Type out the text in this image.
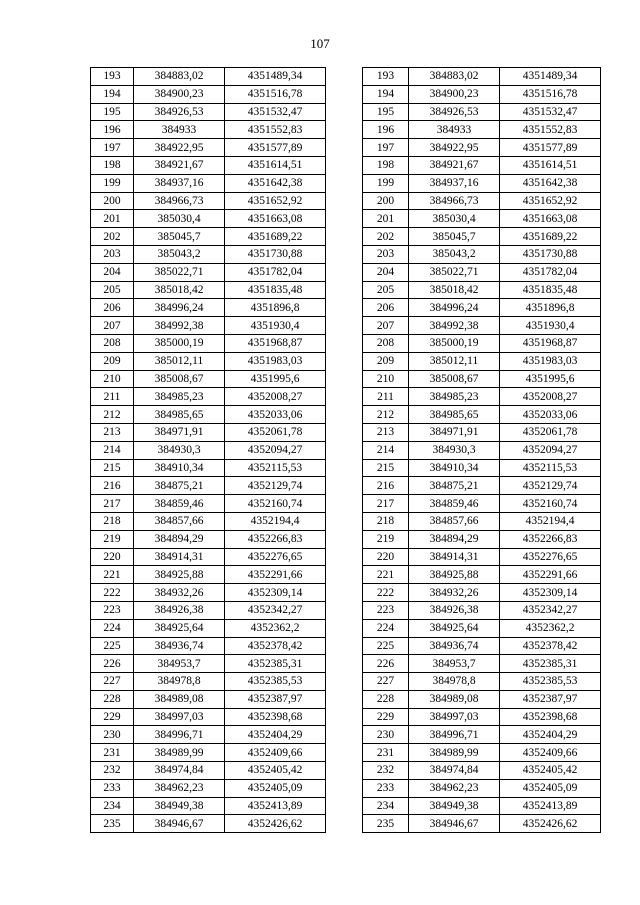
107
193	384883,02	4351489,34
194	384900,23	4351516,78
195	384926,53	4351532,47
196	384933	4351552,83
197	384922,95	4351577,89
198	384921,67	4351614,51
199	384937,16	4351642,38
200	384966,73	4351652,92
201	385030,4	4351663,08
202	385045,7	4351689,22
203	385043,2	4351730,88
204	385022,71	4351782,04
205	385018,42	4351835,48
206	384996,24	4351896,8
207	384992,38	4351930,4
208	385000,19	4351968,87
209	385012,11	4351983,03
210	385008,67	4351995,6
211	384985,23	4352008,27
212	384985,65	4352033,06
213	384971,91	4352061,78
214	384930,3	4352094,27
215	384910,34	4352115,53
216	384875,21	4352129,74
217	384859,46	4352160,74
218	384857,66	4352194,4
219	384894,29	4352266,83
220	384914,31	4352276,65
221	384925,88	4352291,66
222	384932,26	4352309,14
223	384926,38	4352342,27
224	384925,64	4352362,2
225	384936,74	4352378,42
226	384953,7	4352385,31
227	384978,8	4352385,53
228	384989,08	4352387,97
229	384997,03	4352398,68
230	384996,71	4352404,29
231	384989,99	4352409,66
232	384974,84	4352405,42
233	384962,23	4352405,09
234	384949,38	4352413,89
235	384946,67	4352426,62
193	384883,02	4351489,34
194	384900,23	4351516,78
195	384926,53	4351532,47
196	384933	4351552,83
197	384922,95	4351577,89
198	384921,67	4351614,51
199	384937,16	4351642,38
200	384966,73	4351652,92
201	385030,4	4351663,08
202	385045,7	4351689,22
203	385043,2	4351730,88
204	385022,71	4351782,04
205	385018,42	4351835,48
206	384996,24	4351896,8
207	384992,38	4351930,4
208	385000,19	4351968,87
209	385012,11	4351983,03
210	385008,67	4351995,6
211	384985,23	4352008,27
212	384985,65	4352033,06
213	384971,91	4352061,78
214	384930,3	4352094,27
215	384910,34	4352115,53
216	384875,21	4352129,74
217	384859,46	4352160,74
218	384857,66	4352194,4
219	384894,29	4352266,83
220	384914,31	4352276,65
221	384925,88	4352291,66
222	384932,26	4352309,14
223	384926,38	4352342,27
224	384925,64	4352362,2
225	384936,74	4352378,42
226	384953,7	4352385,31
227	384978,8	4352385,53
228	384989,08	4352387,97
229	384997,03	4352398,68
230	384996,71	4352404,29
231	384989,99	4352409,66
232	384974,84	4352405,42
233	384962,23	4352405,09
234	384949,38	4352413,89
235	384946,67	4352426,62
